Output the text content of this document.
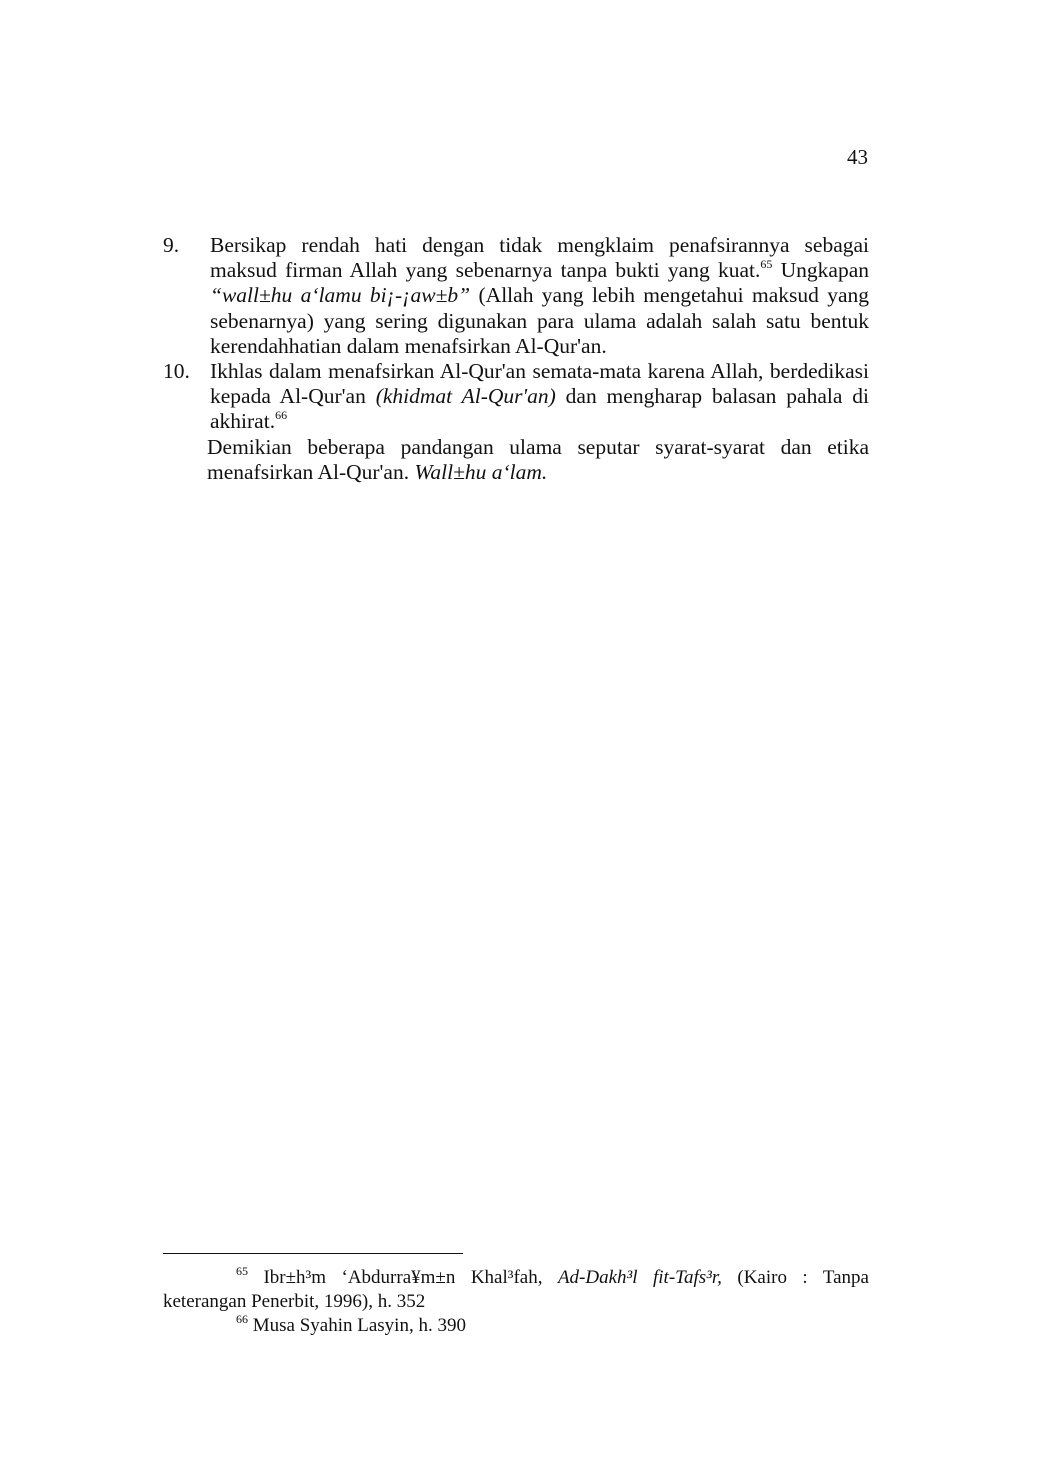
43
9.	Bersikap rendah hati dengan tidak mengklaim penafsirannya sebagai maksud firman Allah yang sebenarnya tanpa bukti yang kuat.$^{65}$ Ungkapan “wall±hu a‘lamu bi¡-¡aw±b” (Allah yang lebih mengetahui maksud yang sebenarnya) yang sering digunakan para ulama adalah salah satu bentuk kerendahhatian dalam menafsirkan Al-Qur'an.
10. Ikhlas dalam menafsirkan Al-Qur'an semata-mata karena Allah, berdedikasi kepada Al-Qur'an (khidmat Al-Qur'an) dan mengharap balasan pahala di akhirat.$^{66}$
Demikian beberapa pandangan ulama seputar syarat-syarat dan etika menafsirkan Al-Qur'an. Wall±hu a‘lam.
$^{65}$ Ibr±h³m ‘Abdurra¥m±n Khal³fah, Ad-Dakh³l fit-Tafs³r, (Kairo : Tanpa keterangan Penerbit, 1996), h. 352
$^{66}$ Musa Syahin Lasyin, h. 390
